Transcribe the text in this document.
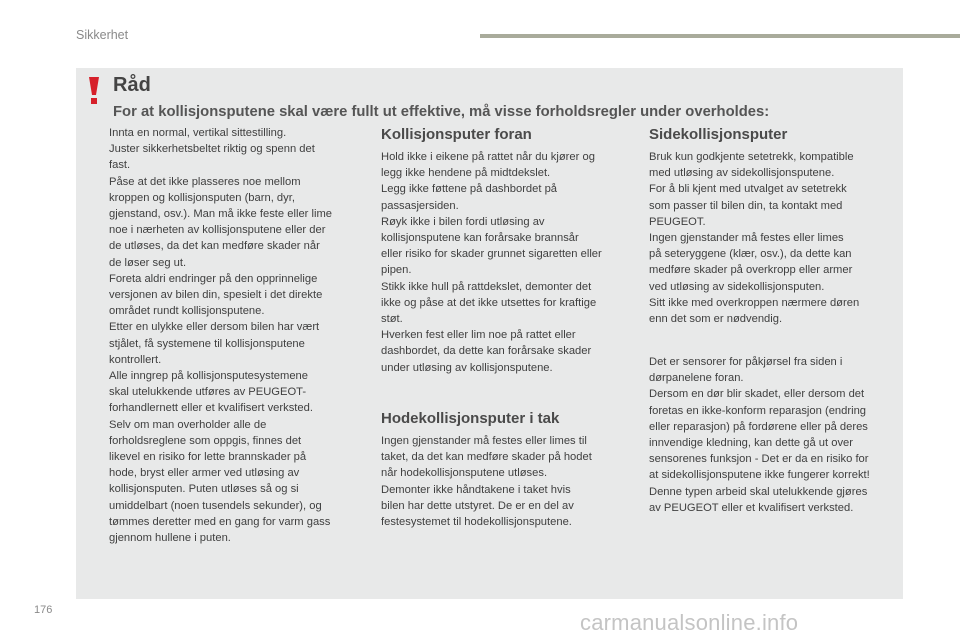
Sikkerhet
Råd
For at kollisjonsputene skal være fullt ut effektive, må visse forholdsregler under overholdes:

Innta en normal, vertikal sittestilling.
Juster sikkerhetsbeltet riktig og spenn det
fast.
Påse at det ikke plasseres noe mellom
kroppen og kollisjonsputen (barn, dyr,
gjenstand, osv.). Man må ikke feste eller lime
noe i nærheten av kollisjonsputene eller der
de utløses, da det kan medføre skader når
de løser seg ut.
Foreta aldri endringer på den opprinnelige
versjonen av bilen din, spesielt i det direkte
området rundt kollisjonsputene.
Etter en ulykke eller dersom bilen har vært
stjålet, få systemene til kollisjonsputene
kontrollert.
Alle inngrep på kollisjonsputesystemene
skal utelukkende utføres av PEUGEOT-
forhandlernett eller et kvalifisert verksted.
Selv om man overholder alle de
forholdsreglene som oppgis, finnes det
likevel en risiko for lette brannskader på
hode, bryst eller armer ved utløsing av
kollisjonsputen. Puten utløses så og si
umiddelbart (noen tusendels sekunder), og
tømmes deretter med en gang for varm gass
gjennom hullene i puten.

Kollisjonsputer foran

Hold ikke i eikene på rattet når du kjører og
legg ikke hendene på midtdekslet.
Legg ikke føttene på dashbordet på
passasjersiden.
Røyk ikke i bilen fordi utløsing av
kollisjonsputene kan forårsake brannsår
eller risiko for skader grunnet sigaretten eller
pipen.
Stikk ikke hull på rattdekslet, demonter det
ikke og påse at det ikke utsettes for kraftige
støt.
Hverken fest eller lim noe på rattet eller
dashbordet, da dette kan forårsake skader
under utløsing av kollisjonsputene.

Hodekollisjonsputer i tak

Ingen gjenstander må festes eller limes til
taket, da det kan medføre skader på hodet
når hodekollisjonsputene utløses.
Demonter ikke håndtakene i taket hvis
bilen har dette utstyret. De er en del av
festesystemet til hodekollisjonsputene.

Sidekollisjonsputer

Bruk kun godkjente setetrekk, kompatible
med utløsing av sidekollisjonsputene.
For å bli kjent med utvalget av setetrekk
som passer til bilen din, ta kontakt med
PEUGEOT.
Ingen gjenstander må festes eller limes
på seteryggene (klær, osv.), da dette kan
medføre skader på overkropp eller armer
ved utløsing av sidekollisjonsputen.
Sitt ikke med overkroppen nærmere døren
enn det som er nødvendig.

Det er sensorer for påkjørsel fra siden i
dørpanelene foran.
Dersom en dør blir skadet, eller dersom det
foretas en ikke-konform reparasjon (endring
eller reparasjon) på fordørene eller på deres
innvendige kledning, kan dette gå ut over
sensorenes funksjon - Det er da en risiko for
at sidekollisjonsputene ikke fungerer korrekt!
Denne typen arbeid skal utelukkende gjøres
av PEUGEOT eller et kvalifisert verksted.

176	carmanualsonline.info
